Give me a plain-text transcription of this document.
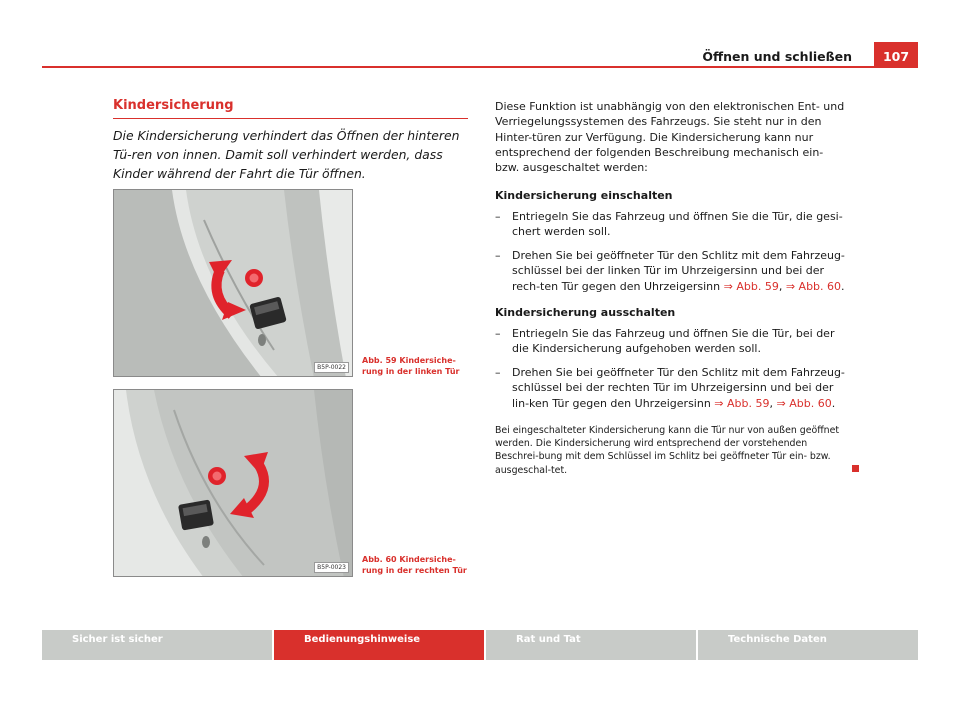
Öffnen und schließen	107
Kindersicherung
Die Kindersicherung verhindert das Öffnen der hinteren Tü-ren von innen. Damit soll verhindert werden, dass Kinder während der Fahrt die Tür öffnen.
B5P-0022
Abb. 59 Kindersiche-rung in der linken Tür
B5P-0023
Abb. 60 Kindersiche-rung in der rechten Tür
Diese Funktion ist unabhängig von den elektronischen Ent- und Verriegelungssystemen des Fahrzeugs. Sie steht nur in den Hinter-türen zur Verfügung. Die Kindersicherung kann nur entsprechend der folgenden Beschreibung mechanisch ein- bzw. ausgeschaltet werden:
Kindersicherung einschalten
–	Entriegeln Sie das Fahrzeug und öffnen Sie die Tür, die gesi-chert werden soll.
–	Drehen Sie bei geöffneter Tür den Schlitz mit dem Fahrzeug-schlüssel bei der linken Tür im Uhrzeigersinn und bei der rech-ten Tür gegen den Uhrzeigersinn ⇒ Abb. 59, ⇒ Abb. 60.
Kindersicherung ausschalten
–	Entriegeln Sie das Fahrzeug und öffnen Sie die Tür, bei der die Kindersicherung aufgehoben werden soll.
–	Drehen Sie bei geöffneter Tür den Schlitz mit dem Fahrzeug-schlüssel bei der rechten Tür im Uhrzeigersinn und bei der lin-ken Tür gegen den Uhrzeigersinn ⇒ Abb. 59, ⇒ Abb. 60.
Bei eingeschalteter Kindersicherung kann die Tür nur von außen geöffnet werden. Die Kindersicherung wird entsprechend der vorstehenden Beschrei-bung mit dem Schlüssel im Schlitz bei geöffneter Tür ein- bzw. ausgeschal-tet.
Sicher ist sicher	Bedienungshinweise	Rat und Tat	Technische Daten
